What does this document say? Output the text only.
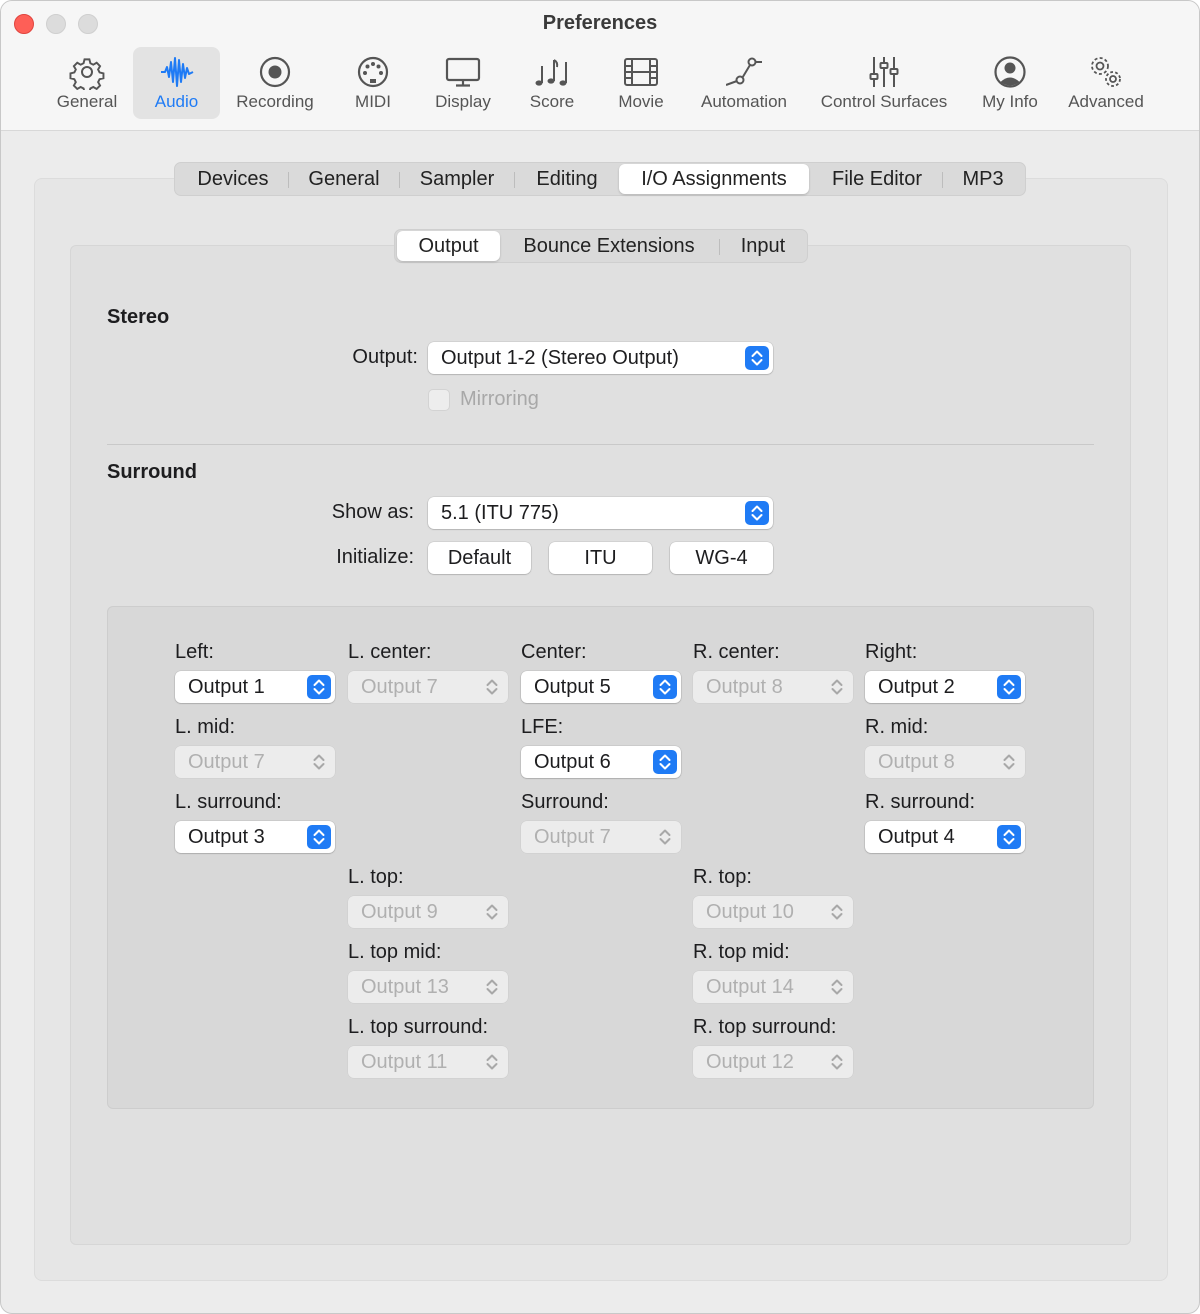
Preferences
General	Audio	Recording	MIDI	Display	Score	Movie	Automation	Control Surfaces	My Info	Advanced
Devices	General	Sampler	Editing	I/O Assignments	File Editor	MP3
Output	Bounce Extensions	Input
Stereo
Output:	Output 1-2 (Stereo Output)
Mirroring
Surround
Show as:	5.1 (ITU 775)
Initialize:	Default	ITU	WG-4
Left:
Output 1
L. center:
Output 7
Center:
Output 5
R. center:
Output 8
Right:
Output 2
L. mid:
Output 7
LFE:
Output 6
R. mid:
Output 8
L. surround:
Output 3
Surround:
Output 7
R. surround:
Output 4
L. top:
Output 9
R. top:
Output 10
L. top mid:
Output 13
R. top mid:
Output 14
L. top surround:
Output 11
R. top surround:
Output 12
